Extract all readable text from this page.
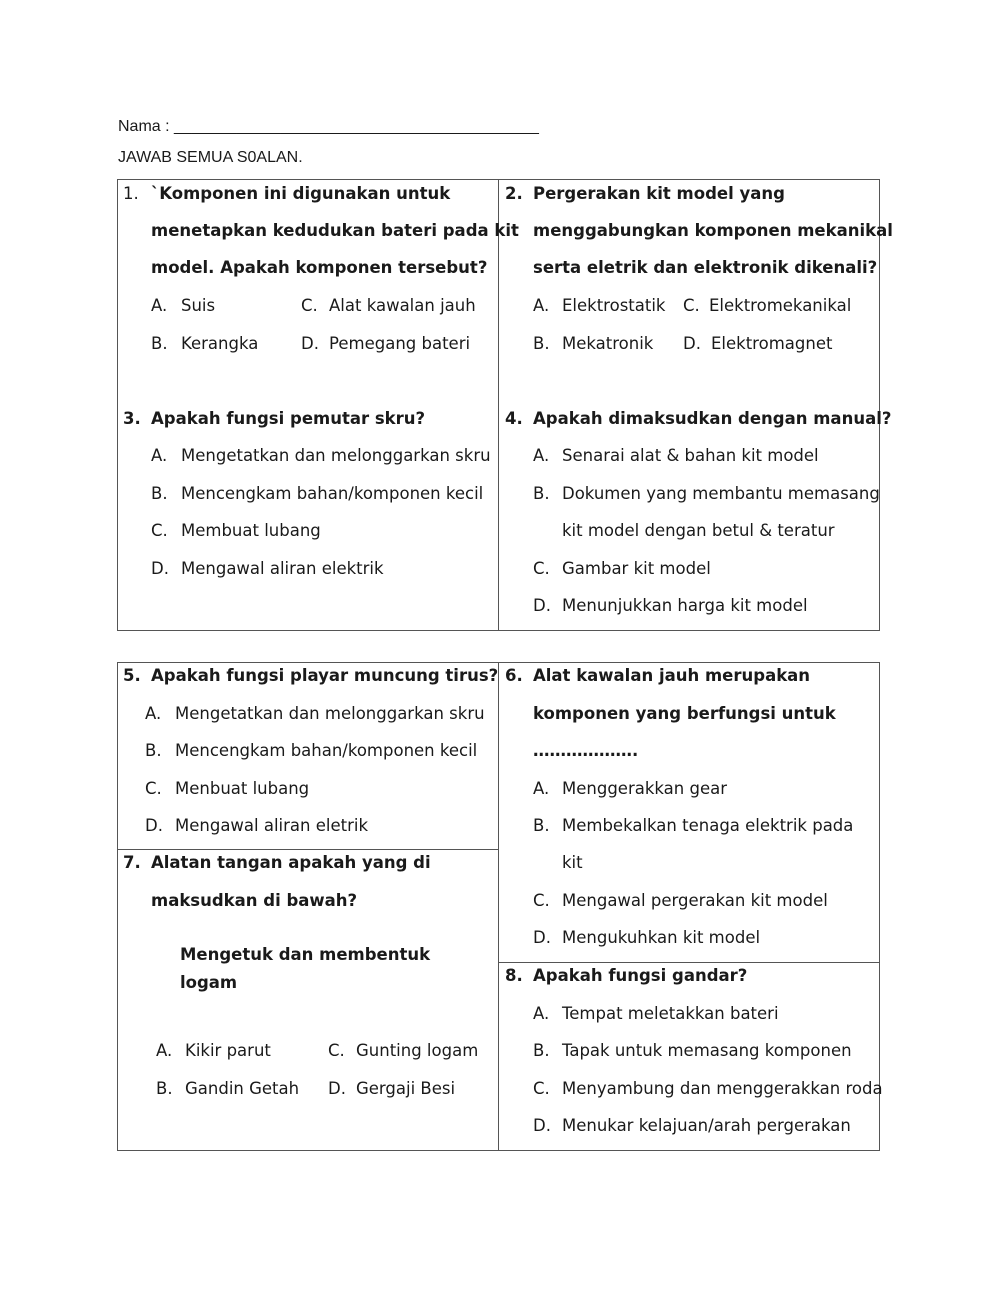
Nama : _________________________________________
JAWAB SEMUA S0ALAN.
1. `Komponen ini digunakan untuk
menetapkan kedudukan bateri pada kit
model. Apakah komponen tersebut?
A. Suis
B. Kerangka
C. Alat kawalan jauh
D. Pemegang bateri
2. Pergerakan kit model yang
menggabungkan komponen mekanikal
serta eletrik dan elektronik dikenali?
A. Elektrostatik
B. Mekatronik
C. Elektromekanikal
D. Elektromagnet
3. Apakah fungsi pemutar skru?
A. Mengetatkan dan melonggarkan skru
B. Mencengkam bahan/komponen kecil
C. Membuat lubang
D. Mengawal aliran elektrik
4. Apakah dimaksudkan dengan manual?
A. Senarai alat & bahan kit model
B. Dokumen yang membantu memasang
kit model dengan betul & teratur
C. Gambar kit model
D. Menunjukkan harga kit model
5. Apakah fungsi playar muncung tirus?
A. Mengetatkan dan melonggarkan skru
B. Mencengkam bahan/komponen kecil
C. Menbuat lubang
D. Mengawal aliran eletrik
6. Alat kawalan jauh merupakan
komponen yang berfungsi untuk
……………….
A. Menggerakkan gear
B. Membekalkan tenaga elektrik pada
kit
C. Mengawal pergerakan kit model
D. Mengukuhkan kit model
7. Alatan tangan apakah yang di
maksudkan di bawah?
Mengetuk dan membentuk
logam
A. Kikir parut
B. Gandin Getah
C. Gunting logam
D. Gergaji Besi
8. Apakah fungsi gandar?
A. Tempat meletakkan bateri
B. Tapak untuk memasang komponen
C. Menyambung dan menggerakkan roda
D. Menukar kelajuan/arah pergerakan
